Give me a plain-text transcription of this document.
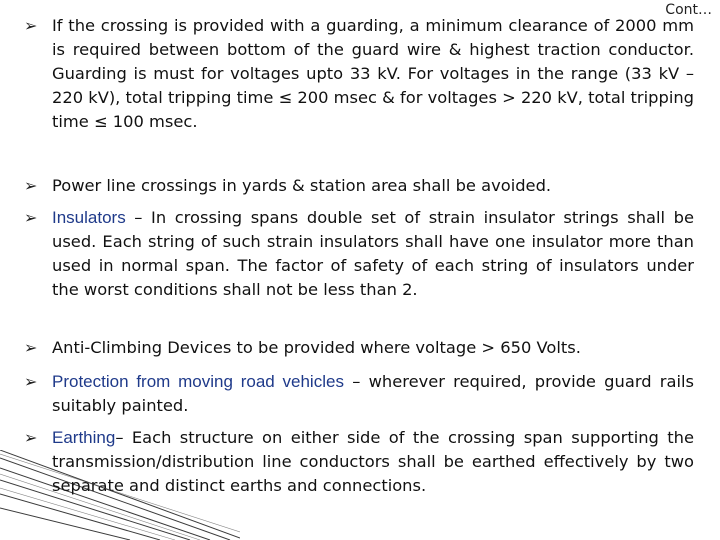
Cont…
➢ If the crossing is provided with a guarding, a minimum clearance of 2000 mm is required between bottom of the guard wire & highest traction conductor. Guarding is must for voltages upto 33 kV. For voltages in the range (33 kV – 220 kV), total tripping time ≤ 200 msec & for voltages > 220 kV, total tripping time ≤ 100 msec.
➢ Power line crossings in yards & station area shall be avoided.
➢ Insulators – In crossing spans double set of strain insulator strings shall be used. Each string of such strain insulators shall have one insulator more than used in normal span. The factor of safety of each string of insulators under the worst conditions shall not be less than 2.
➢ Anti-Climbing Devices to be provided where voltage > 650 Volts.
➢ Protection from moving road vehicles – wherever required, provide guard rails suitably painted.
➢ Earthing– Each structure on either side of the crossing span supporting the transmission/distribution line conductors shall be earthed effectively by two separate and distinct earths and connections.
